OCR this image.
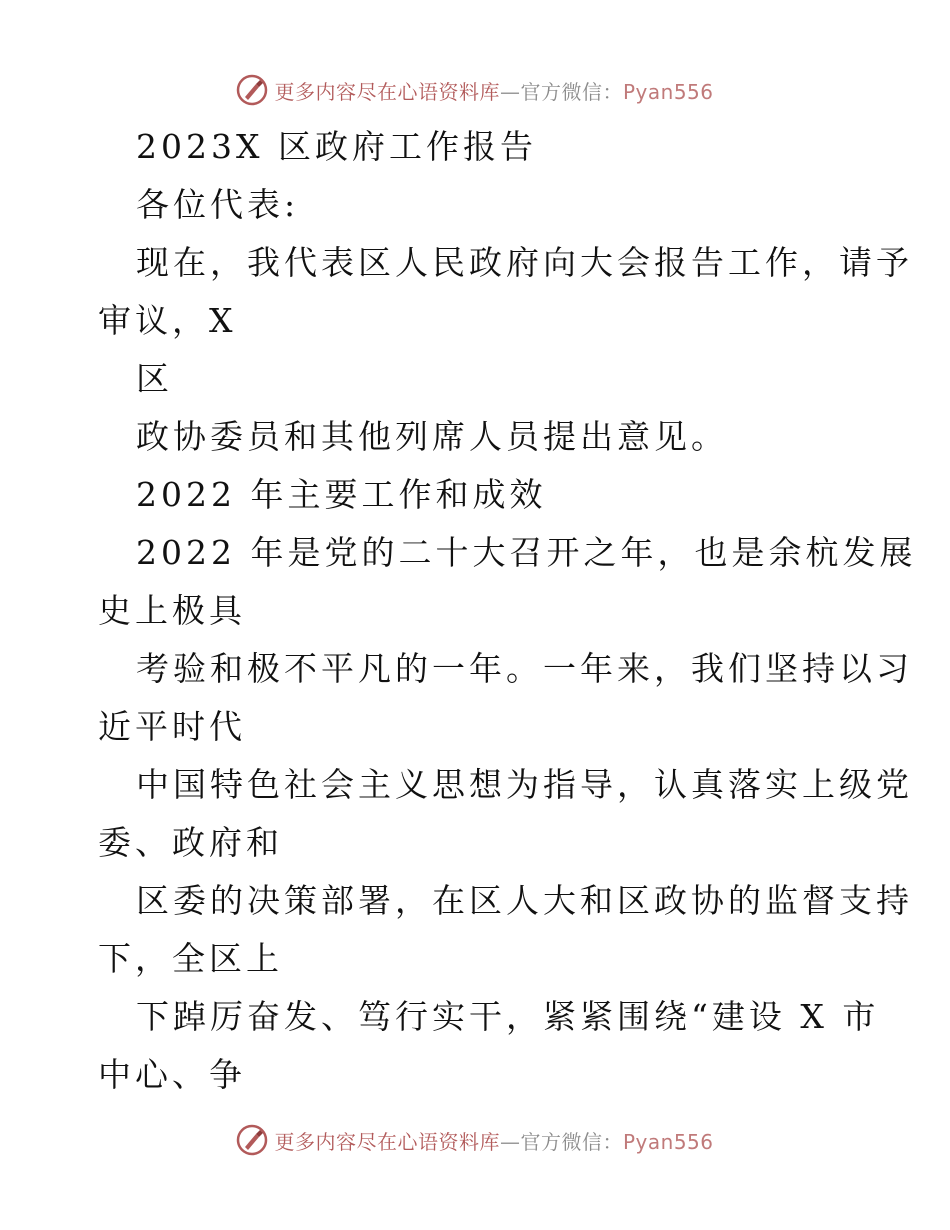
更多内容尽在心语资料库—官方微信：Pyan556
2023X 区政府工作报告
各位代表:
现在，我代表区人民政府向大会报告工作，请予
审议，X
区
政协委员和其他列席人员提出意见。
2022 年主要工作和成效
2022 年是党的二十大召开之年，也是余杭发展
史上极具
考验和极不平凡的一年。一年来，我们坚持以习
近平时代
中国特色社会主义思想为指导，认真落实上级党
委、政府和
区委的决策部署，在区人大和区政协的监督支持
下，全区上
下踔厉奋发、笃行实干，紧紧围绕“建设 X 市
中心、争
更多内容尽在心语资料库—官方微信：Pyan556
